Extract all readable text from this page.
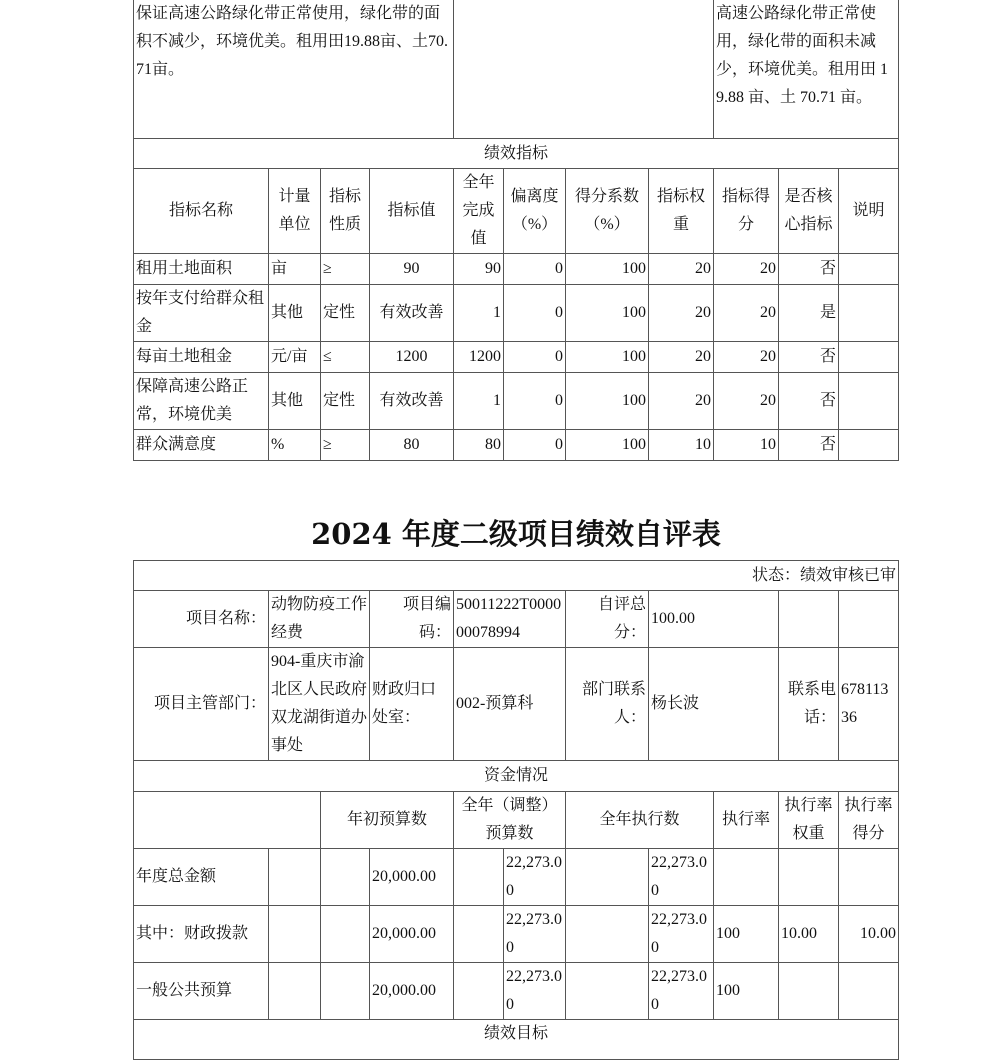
保证高速公路绿化带正常使用，绿化带的面积不减少，环境优美。租用田19.88亩、土70.71亩。								高速公路绿化带正常使用，绿化带的面积未减少，环境优美。租用田 19.88 亩、土 70.71 亩。		
绩效指标										
指标名称	计量单位	指标性质	指标值	全年完成值	偏离度（%）	得分系数（%）	指标权重	指标得分	是否核心指标	说明
租用土地面积	亩	≥	90	90	0	100	20	20	否	
按年支付给群众租金	其他	定性	有效改善	1	0	100	20	20	是	
每亩土地租金	元/亩	≤	1200	1200	0	100	20	20	否	
保障高速公路正常，环境优美	其他	定性	有效改善	1	0	100	20	20	否	
群众满意度	%	≥	80	80	0	100	10	10	否	
2024 年度二级项目绩效自评表
状态：绩效审核已审										
项目名称：	动物防疫工作经费		项目编码：	50011222T000000078994		自评总分：	100.00			
项目主管部门：	904-重庆市渝北区人民政府双龙湖街道办事处		财政归口处室：	002-预算科		部门联系人：	杨长波		联系电话：	67811336
资金情况										
		年初预算数		全年（调整）预算数		全年执行数		执行率	执行率权重	执行率得分
年度总金额			20,000.00		22,273.00		22,273.00			
其中：财政拨款			20,000.00		22,273.00		22,273.00	100	10.00	10.00
一般公共预算			20,000.00		22,273.00		22,273.00	100		
绩效目标										
